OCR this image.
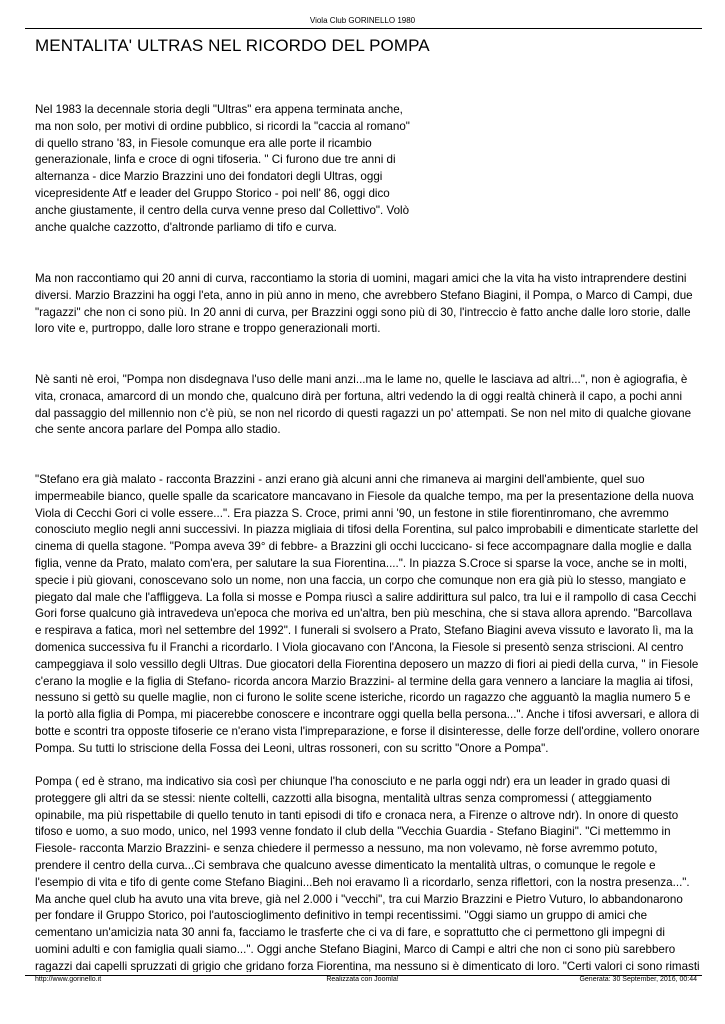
Viola Club GORINELLO 1980
MENTALITA' ULTRAS NEL RICORDO DEL POMPA

Nel 1983 la decennale storia degli "Ultras" era appena terminata anche, ma non solo, per motivi di ordine pubblico, si ricordi la "caccia al romano" di quello strano '83, in Fiesole comunque era alle porte il ricambio generazionale, linfa e croce di ogni tifoseria. " Ci furono due tre anni di alternanza - dice Marzio Brazzini uno dei fondatori degli Ultras, oggi vicepresidente Atf e leader del Gruppo Storico - poi nell' 86, oggi dico anche giustamente, il centro della curva venne preso dal Collettivo". Volò anche qualche cazzotto, d'altronde parliamo di tifo e curva.

Ma non raccontiamo qui 20 anni di curva, raccontiamo la storia di uomini, magari amici che la vita ha visto intraprendere destini diversi. Marzio Brazzini ha oggi l'eta, anno in più anno in meno, che avrebbero Stefano Biagini, il Pompa, o Marco di Campi, due "ragazzi" che non ci sono più. In 20 anni di curva, per Brazzini oggi sono più di 30, l'intreccio è fatto anche dalle loro storie, dalle loro vite e, purtroppo, dalle loro strane e troppo generazionali morti.

Nè santi nè eroi, "Pompa non disdegnava l'uso delle mani anzi...ma le lame no, quelle le lasciava ad altri...", non è agiografia, è vita, cronaca, amarcord di un mondo che, qualcuno dirà per fortuna, altri vedendo la di oggi realtà chinerà il capo, a pochi anni dal passaggio del millennio non c'è più, se non nel ricordo di questi ragazzi un po' attempati. Se non nel mito di qualche giovane che sente ancora parlare del Pompa allo stadio.

"Stefano era già malato - racconta Brazzini - anzi erano già alcuni anni che rimaneva ai margini dell'ambiente, quel suo impermeabile bianco, quelle spalle da scaricatore mancavano in Fiesole da qualche tempo, ma per la presentazione della nuova Viola di Cecchi Gori ci volle essere...". Era piazza S. Croce, primi anni '90, un festone in stile fiorentinromano, che avremmo conosciuto meglio negli anni successivi. In piazza migliaia di tifosi della Forentina, sul palco improbabili e dimenticate starlette del cinema di quella stagone. "Pompa aveva 39° di febbre- a Brazzini gli occhi luccicano- si fece accompagnare dalla moglie e dalla figlia, venne da Prato, malato com'era, per salutare la sua Fiorentina....". In piazza S.Croce si sparse la voce, anche se in molti, specie i più giovani, conoscevano solo un nome, non una faccia, un corpo che comunque non era già più lo stesso, mangiato e piegato dal male che l'affliggeva. La folla si mosse e Pompa riuscì a salire addirittura sul palco, tra lui e il rampollo di casa Cecchi Gori forse qualcuno già intravedeva un'epoca che moriva ed un'altra, ben più meschina, che si stava allora aprendo. "Barcollava e respirava a fatica, morì nel settembre del 1992". I funerali si svolsero a Prato, Stefano Biagini aveva vissuto e lavorato lì, ma la domenica successiva fu il Franchi a ricordarlo. I Viola giocavano con l'Ancona, la Fiesole si presentò senza striscioni. Al centro campeggiava il solo vessillo degli Ultras. Due giocatori della Fiorentina deposero un mazzo di fiori ai piedi della curva, " in Fiesole c'erano la moglie e la figlia di Stefano- ricorda ancora Marzio Brazzini- al termine della gara vennero a lanciare la maglia ai tifosi, nessuno si gettò su quelle maglie, non ci furono le solite scene isteriche, ricordo un ragazzo che agguantò la maglia numero 5 e la portò alla figlia di Pompa, mi piacerebbe conoscere e incontrare oggi quella bella persona...". Anche i tifosi avversari, e allora di botte e scontri tra opposte tifoserie ce n'erano vista l'impreparazione, e forse il disinteresse, delle forze dell'ordine, vollero onorare Pompa. Su tutti lo striscione della Fossa dei Leoni, ultras rossoneri, con su scritto "Onore a Pompa".

Pompa ( ed è strano, ma indicativo sia così per chiunque l'ha conosciuto e ne parla oggi ndr) era un leader in grado quasi di proteggere gli altri da se stessi: niente coltelli, cazzotti alla bisogna, mentalità ultras senza compromessi ( atteggiamento opinabile, ma più rispettabile di quello tenuto in tanti episodi di tifo e cronaca nera, a Firenze o altrove ndr). In onore di questo tifoso e uomo, a suo modo, unico, nel 1993 venne fondato il club della "Vecchia Guardia - Stefano Biagini". "Ci mettemmo in Fiesole- racconta Marzio Brazzini- e senza chiedere il permesso a nessuno, ma non volevamo, nè forse avremmo potuto, prendere il centro della curva...Ci sembrava che qualcuno avesse dimenticato la mentalità ultras, o comunque le regole e l'esempio di vita e tifo di gente come Stefano Biagini...Beh noi eravamo lì a ricordarlo, senza riflettori, con la nostra presenza...". Ma anche quel club ha avuto una vita breve, già nel 2.000 i "vecchi", tra cui Marzio Brazzini e Pietro Vuturo, lo abbandonarono per fondare il Gruppo Storico, poi l'autoscioglimento definitivo in tempi recentissimi. "Oggi siamo un gruppo di amici che cementano un'amicizia nata 30 anni fa, facciamo le trasferte che ci va di fare, e soprattutto che ci permettono gli impegni di uomini adulti e con famiglia quali siamo...". Oggi anche Stefano Biagini, Marco di Campi e altri che non ci sono più sarebbero ragazzi dai capelli spruzzati di grigio che gridano forza Fiorentina, ma nessuno si è dimenticato di loro. "Certi valori ci sono rimasti

http://www.gorinello.it	Realizzata con Joomla!	Generata: 30 September, 2016, 00:44
